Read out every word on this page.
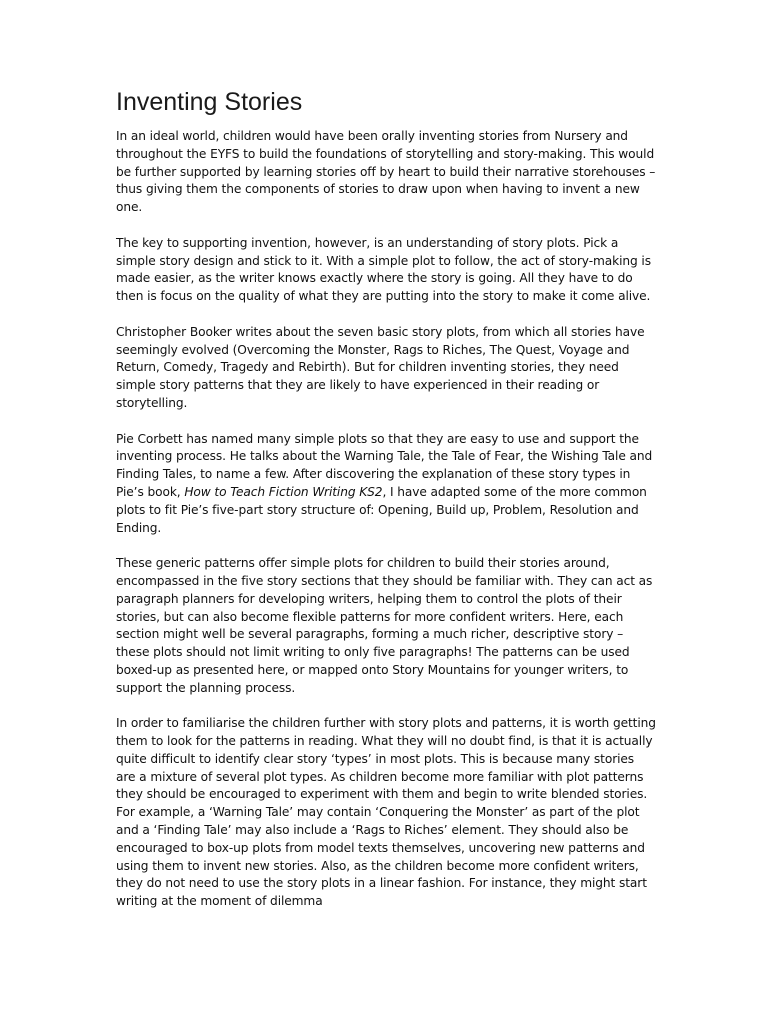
Inventing Stories

In an ideal world, children would have been orally inventing stories from Nursery and throughout the EYFS to build the foundations of storytelling and story-making. This would be further supported by learning stories off by heart to build their narrative storehouses – thus giving them the components of stories to draw upon when having to invent a new one.

The key to supporting invention, however, is an understanding of story plots. Pick a simple story design and stick to it. With a simple plot to follow, the act of story-making is made easier, as the writer knows exactly where the story is going. All they have to do then is focus on the quality of what they are putting into the story to make it come alive.

Christopher Booker writes about the seven basic story plots, from which all stories have seemingly evolved (Overcoming the Monster, Rags to Riches, The Quest, Voyage and Return, Comedy, Tragedy and Rebirth). But for children inventing stories, they need simple story patterns that they are likely to have experienced in their reading or storytelling.

Pie Corbett has named many simple plots so that they are easy to use and support the inventing process. He talks about the Warning Tale, the Tale of Fear, the Wishing Tale and Finding Tales, to name a few. After discovering the explanation of these story types in Pie’s book, How to Teach Fiction Writing KS2, I have adapted some of the more common plots to fit Pie’s five-part story structure of: Opening, Build up, Problem, Resolution and Ending.

These generic patterns offer simple plots for children to build their stories around, encompassed in the five story sections that they should be familiar with. They can act as paragraph planners for developing writers, helping them to control the plots of their stories, but can also become flexible patterns for more confident writers. Here, each section might well be several paragraphs, forming a much richer, descriptive story – these plots should not limit writing to only five paragraphs! The patterns can be used boxed-up as presented here, or mapped onto Story Mountains for younger writers, to support the planning process.

In order to familiarise the children further with story plots and patterns, it is worth getting them to look for the patterns in reading. What they will no doubt find, is that it is actually quite difficult to identify clear story ‘types’ in most plots. This is because many stories are a mixture of several plot types. As children become more familiar with plot patterns they should be encouraged to experiment with them and begin to write blended stories. For example, a ‘Warning Tale’ may contain ‘Conquering the Monster’ as part of the plot and a ‘Finding Tale’ may also include a ‘Rags to Riches’ element. They should also be encouraged to box-up plots from model texts themselves, uncovering new patterns and using them to invent new stories. Also, as the children become more confident writers, they do not need to use the story plots in a linear fashion. For instance, they might start writing at the moment of dilemma
